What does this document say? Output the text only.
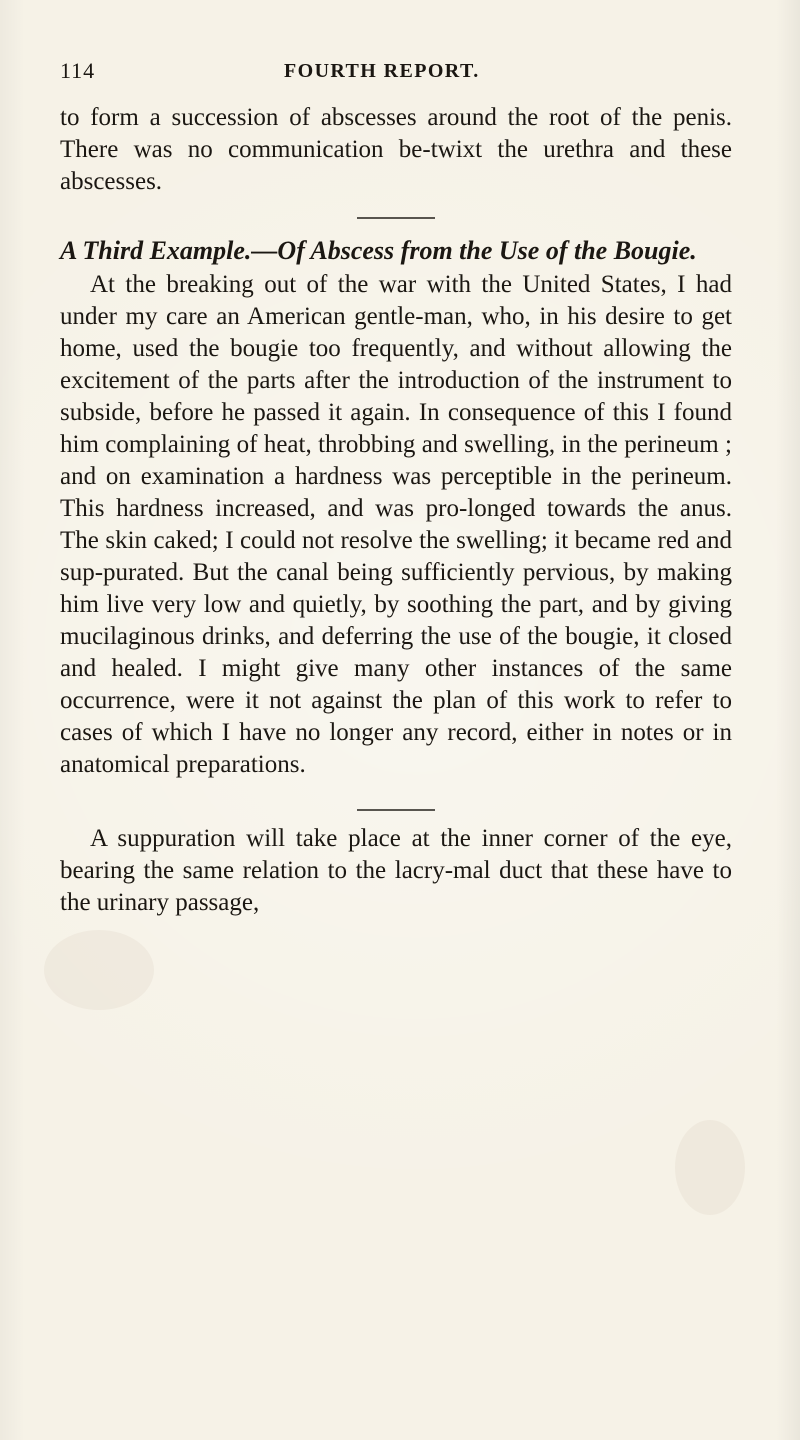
114	FOURTH REPORT.

to form a succession of abscesses around the root of the penis. There was no communication be-twixt the urethra and these abscesses.

A Third Example.—Of Abscess from the Use of the Bougie.

At the breaking out of the war with the United States, I had under my care an American gentle-man, who, in his desire to get home, used the bougie too frequently, and without allowing the excitement of the parts after the introduction of the instrument to subside, before he passed it again. In consequence of this I found him complaining of heat, throbbing and swelling, in the perineum ; and on examination a hardness was perceptible in the perineum. This hardness increased, and was pro-longed towards the anus. The skin caked; I could not resolve the swelling; it became red and sup-purated. But the canal being sufficiently pervious, by making him live very low and quietly, by soothing the part, and by giving mucilaginous drinks, and deferring the use of the bougie, it closed and healed. I might give many other instances of the same occurrence, were it not against the plan of this work to refer to cases of which I have no longer any record, either in notes or in anatomical preparations.

A suppuration will take place at the inner corner of the eye, bearing the same relation to the lacry-mal duct that these have to the urinary passage,
